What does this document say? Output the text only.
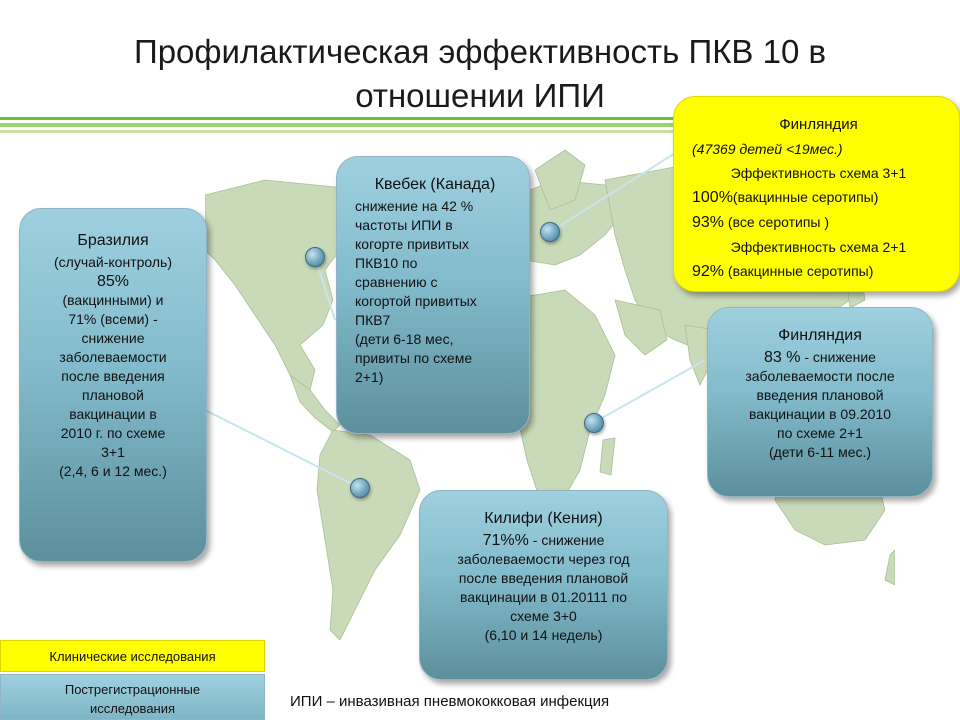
Профилактическая эффективность ПКВ 10 в
отношении ИПИ

Бразилия

(случай-контроль)

85%

(вакцинными) и

71% (всеми) -

снижение

заболеваемости

после введения

плановой

вакцинации в

2010 г. по схеме

3+1

(2,4, 6 и 12 мес.)

Квебек (Канада)

снижение на 42 %

частоты ИПИ в

когорте привитых

ПКВ10 по

сравнению с

когортой привитых

ПКВ7

(дети 6-18 мес,

привиты по схеме

2+1)

Финляндия

(47369 детей <19мес.)

Эффективность схема 3+1

100%(вакцинные серотипы)

93% (все серотипы )

Эффективность схема 2+1

92% (вакцинные серотипы)

Финляндия

83 % - снижение

заболеваемости после

введения плановой

вакцинации в 09.2010

по схеме 2+1

(дети 6-11 мес.)

Килифи (Кения)

71%% - снижение

заболеваемости через год

после введения плановой

вакцинации в 01.20111 по

схеме 3+0

(6,10 и 14 недель)

Клинические исследования

Пострегистрационные

исследования	ИПИ – инвазивная пневмококковая инфекция
